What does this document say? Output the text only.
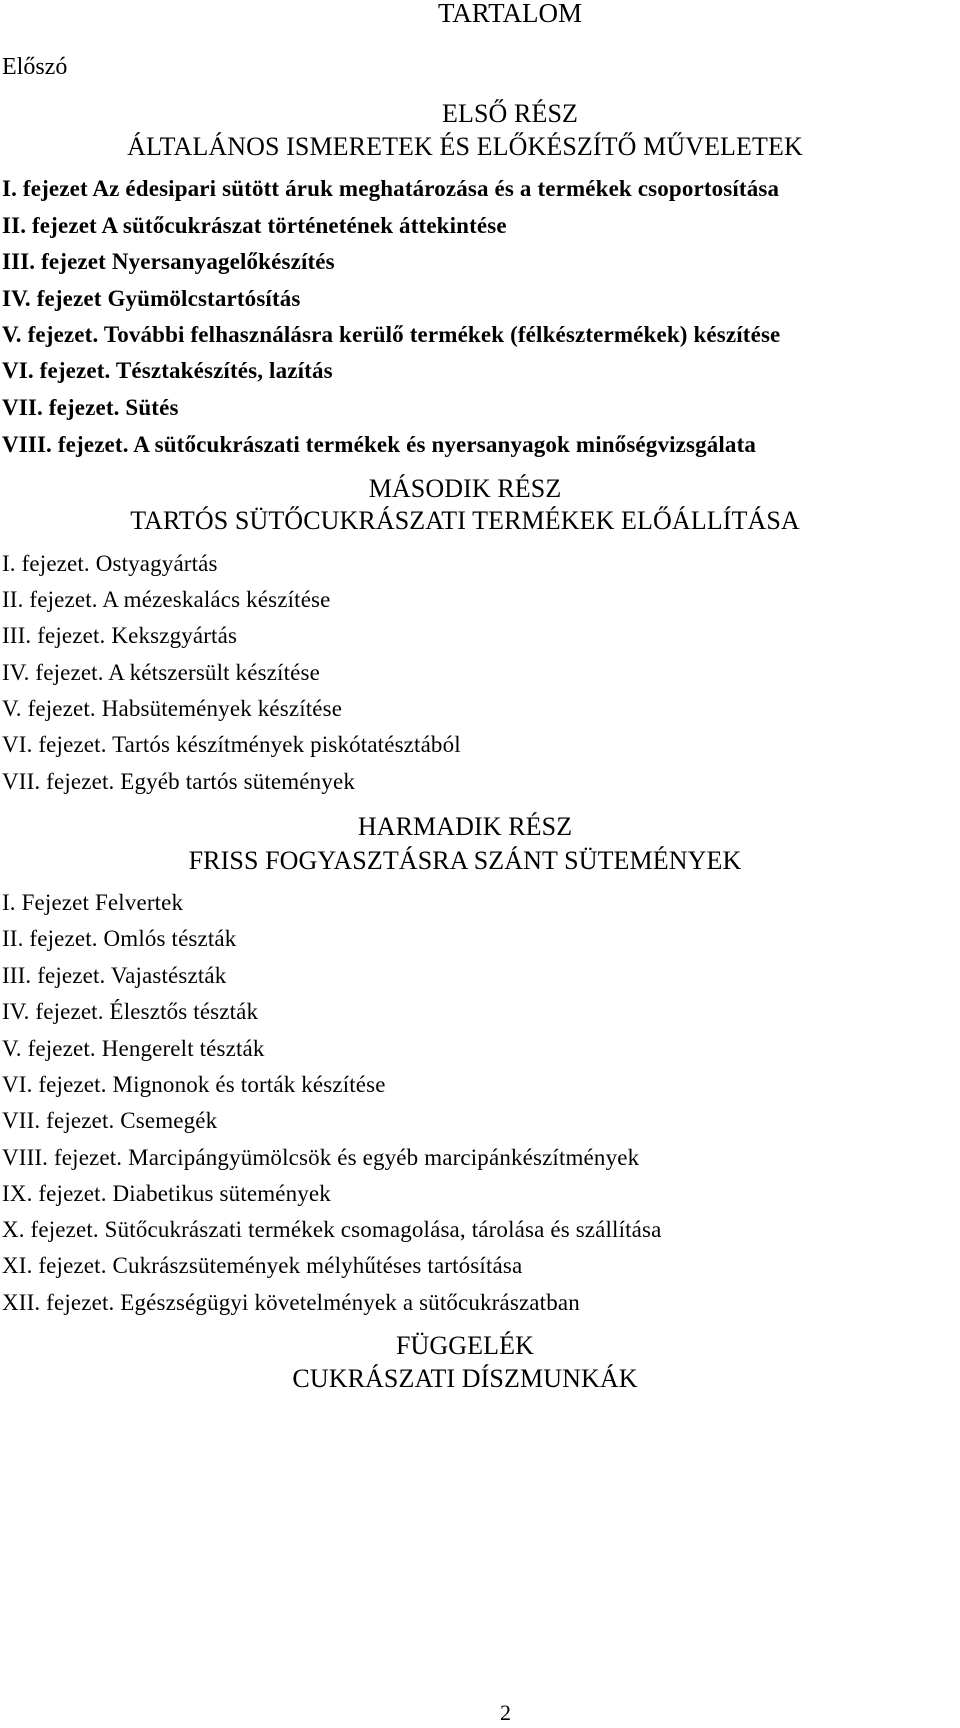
TARTALOM
Előszó
ELSŐ RÉSZ
ÁLTALÁNOS ISMERETEK ÉS ELŐKÉSZÍTŐ MŰVELETEK
I. fejezet Az édesipari sütött áruk meghatározása és a termékek csoportosítása
II. fejezet A sütőcukrászat történetének áttekintése
III. fejezet Nyersanyagelőkészítés
IV. fejezet Gyümölcstartósítás
V. fejezet. További felhasználásra kerülő termékek (félkésztermékek) készítése
VI. fejezet. Tésztakészítés, lazítás
VII. fejezet. Sütés
VIII. fejezet. A sütőcukrászati termékek és nyersanyagok minőségvizsgálata
MÁSODIK RÉSZ
TARTÓS SÜTŐCUKRÁSZATI TERMÉKEK ELŐÁLLÍTÁSA
I. fejezet. Ostyagyártás
II. fejezet. A mézeskalács készítése
III. fejezet. Kekszgyártás
IV. fejezet. A kétszersült készítése
V. fejezet. Habsütemények készítése
VI. fejezet. Tartós készítmények piskótatésztából
VII. fejezet. Egyéb tartós sütemények
HARMADIK RÉSZ
FRISS FOGYASZTÁSRA SZÁNT SÜTEMÉNYEK
I. Fejezet Felvertek
II. fejezet. Omlós tészták
III. fejezet. Vajastészták
IV. fejezet. Élesztős tészták
V. fejezet. Hengerelt tészták
VI. fejezet. Mignonok és torták készítése
VII. fejezet. Csemegék
VIII. fejezet. Marcipángyümölcsök és egyéb marcipánkészítmények
IX. fejezet. Diabetikus sütemények
X. fejezet. Sütőcukrászati termékek csomagolása, tárolása és szállítása
XI. fejezet. Cukrászsütemények mélyhűtéses tartósítása
XII. fejezet. Egészségügyi követelmények a sütőcukrászatban
FÜGGELÉK
CUKRÁSZATI DÍSZMUNKÁK
2
